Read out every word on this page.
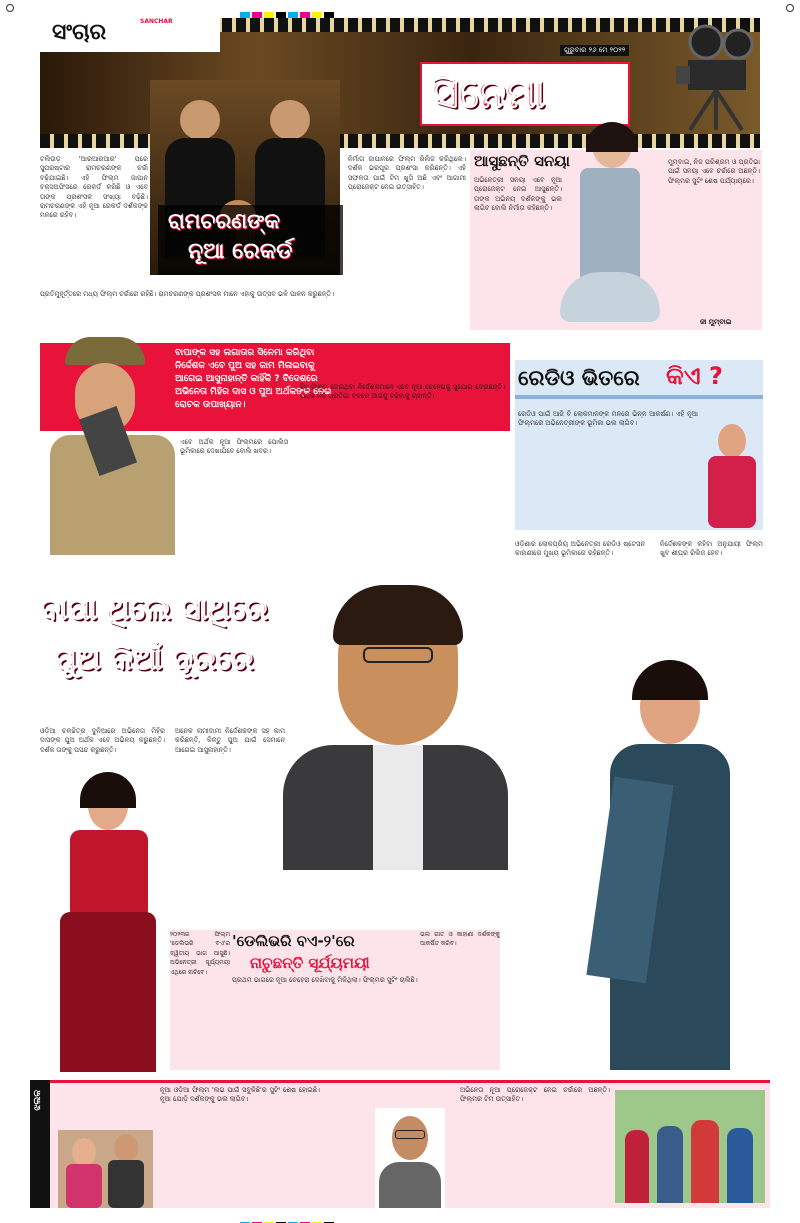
ସଂଚାର	SANCHAR
ଗୁରୁବାର ୨୬ ମେ ୨୦୨୨
ସିନେମା
ରାମଚରଣଙ୍କ
ନୂଆ ରେକର୍ଡ
ଟଲିଉଡ଼ 'ଆରଆରଆର' ପରେ ସୁପରଷ୍ଟାର ରାମଚରଣଙ୍କ ଚର୍ଚ୍ଚା ବଢ଼ିଯାଇଛି। ଏହି ଫିଲ୍ମ ଜାପାନ ବକ୍ସଅଫିସରେ ରେକର୍ଡ କରିଛି ଓ ଏବେ ତାଙ୍କ ପ୍ରଶଂସକ ସଂଖ୍ୟା ବଢ଼ିଛି। ରାମଚରଣଙ୍କ ଏହି ନୂଆ ରେକର୍ଡ ଦର୍ଶକଙ୍କ ମନରେ ରହିବ।
ନିର୍ମାତା ଜାପାନରେ ଫିଲ୍ମ ରିଲିଜ କରିଥିଲେ। ଦର୍ଶକ ଭରପୂର ପ୍ରଶଂସା କରିଛନ୍ତି। ଏହି ସଫଳତା ପାଇଁ ଟିମ ଖୁସି ଅଛି ଏବଂ ଆଗାମୀ ପ୍ରୋଜେକ୍ଟ ନେଇ ଉତ୍ସାହିତ।
ପ୍ରତିମୁହୂର୍ତ୍ତରେ ମଧ୍ୟ ଫିଲ୍ମ ଚର୍ଚ୍ଚାରେ ରହିଛି। ରାମଚରଣଙ୍କ ପ୍ରଶଂସକ ମାନେ ଏହାକୁ ଉତ୍ସବ ଭଳି ପାଳନ କରୁଛନ୍ତି।
ଆସୁଛନ୍ତି ସନୟା
ଅଭିନେତ୍ରୀ ସନୟା ଏବେ ନୂଆ ପ୍ରୋଜେକ୍ଟ ନେଇ ଆସୁଛନ୍ତି। ତାଙ୍କ ଅଭିନୟ ଦର୍ଶକଙ୍କୁ ଭଲ ଲାଗିବ ବୋଲି ନିର୍ମାତା କହିଛନ୍ତି।
ମୁମ୍ବାଇ, ନିଜ ପରିଶ୍ରମ ଓ ପ୍ରତିଭା ପାଇଁ ସନୟା ଏବେ ଚର୍ଚ୍ଚାରେ ଅଛନ୍ତି। ଫିଲ୍ମର ସୁଟିଂ ଶେଷ ପର୍ଯ୍ୟାୟରେ।
ଜୀ ମୁମ୍ବାଇ
ବାପାଙ୍କ ସହ ଲଗାତାର ସିନେମା କରିଥିବା ନିର୍ଦ୍ଦେଶକ ଏବେ ପୁଅ ସହ କାମ ମିଳାଇବାକୁ ଆଗେଇ ଆସୁନାହାନ୍ତି କାହିଁକି ? ବିଦେଶରେ ଅଭିନେତା ମିହିର ଦାସ ଓ ପୁଅ ଅର୍ଥକଙ୍କ ନେଇ ରୋଚକ ଉପାଖ୍ୟାନ।
ଏବେ ଅର୍ଥକ ନୂଆ ଫିଲ୍ମରେ ପୋଲିସ ଭୂମିକାରେ ଦେଖାଯିବେ ବୋଲି ଖବର।
ହିଟ ଫିଲ୍ମ ଦେଇଥିବା ନିର୍ଦ୍ଦେଶକମାନେ ଏବେ ନୂଆ ଚେହେରାକୁ ସୁଯୋଗ ଦେଉଛନ୍ତି। ଅର୍ଥକ ନିଜ ପ୍ରତିଭା ବଳରେ ଆଗକୁ ବଢ଼ିବାକୁ ଚାହାନ୍ତି।
ବାପା ଥିଲେ ସାଥିରେ
ପୁଅ କିଆଁ ଦୂରରେ
ଓଡ଼ିଆ ଚଳଚ୍ଚିତ୍ର ଦୁନିଆରେ ଅଭିନେତା ମିହିର ଦାସଙ୍କ ପୁଅ ଅର୍ଥକ ଏବେ ଅଭିନୟ କରୁଛନ୍ତି। ଦର୍ଶକ ତାଙ୍କୁ ପସନ୍ଦ କରୁଛନ୍ତି।
ଅନେକ ନାମୀଦାମୀ ନିର୍ଦ୍ଦେଶକଙ୍କ ସହ କାମ କରିଛନ୍ତି, କିନ୍ତୁ ପୁଅ ପାଇଁ ସେମାନେ ଆଗେଇ ଆସୁନାହାନ୍ତି।
'ଡେଲିଭରି ବଏ-୨'ରେ
ନାଚୁଛନ୍ତି ସୂର୍ଯ୍ୟମୟୀ
୨୦୨୩ର ଫିଲ୍ମ 'ଡେଲିଭରି ବଏ'ର ଦ୍ୱିତୀୟ ଭାଗ ଆସୁଛି। ଅଭିନେତ୍ରୀ ସୂର୍ଯ୍ୟମୟୀ ଏଥିରେ ନାଚିବେ।
ପ୍ରଥମ ଭାଗରେ ନୂଆ ଚେହେରା ଦେଖିବାକୁ ମିଳିଥିଲା। ଫିଲ୍ମର ସୁଟିଂ ଚାଲିଛି।
ଭଲ ଗୀତ ଓ କାହାଣୀ ଦର୍ଶକଙ୍କୁ ଆକର୍ଷିତ କରିବ।
ରେଡିଓ ଭିତରେ କିଏ ?
ରେଡିଓ ପାଇଁ ଆଜି ବି ଲୋକମାନଙ୍କ ମନରେ ଭିନ୍ନ ଆକର୍ଷଣ। ଏହି ନୂଆ ଫିଲ୍ମରେ ଅଭିନେତ୍ରୀଙ୍କ ଭୂମିକା ଭଲ ଲାଗିବ।
ଓଡ଼ିଶାର ଲୋକପ୍ରିୟ ଅଭିନେତ୍ରୀ ରେଡିଓ ଷ୍ଟେସନ କାହାଣୀରେ ମୁଖ୍ୟ ଭୂମିକାରେ ରହିଛନ୍ତି।
ନିର୍ଦ୍ଦେଶକଙ୍କ କହିବା ଅନୁଯାୟୀ ଫିଲ୍ମ ଖୁବ ଶୀଘ୍ର ରିଲିଜ ହେବ।
ଝଲକ	ନୂଆ ଓଡ଼ିଆ ଫିଲ୍ମ 'ଲଭ ପାଇଁ ସବୁକିଛି'ର ସୁଟିଂ ଶେଷ ହୋଇଛି। ନୂଆ ଯୋଡ଼ି ଦର୍ଶକଙ୍କୁ ଭଲ ଲାଗିବ।
ଅଭିନେତା ନୂଆ ପ୍ରୋଜେକ୍ଟ ନେଇ ଚର୍ଚ୍ଚାରେ ଅଛନ୍ତି। ଫିଲ୍ମର ଟିମ ଉତ୍ସାହିତ।
